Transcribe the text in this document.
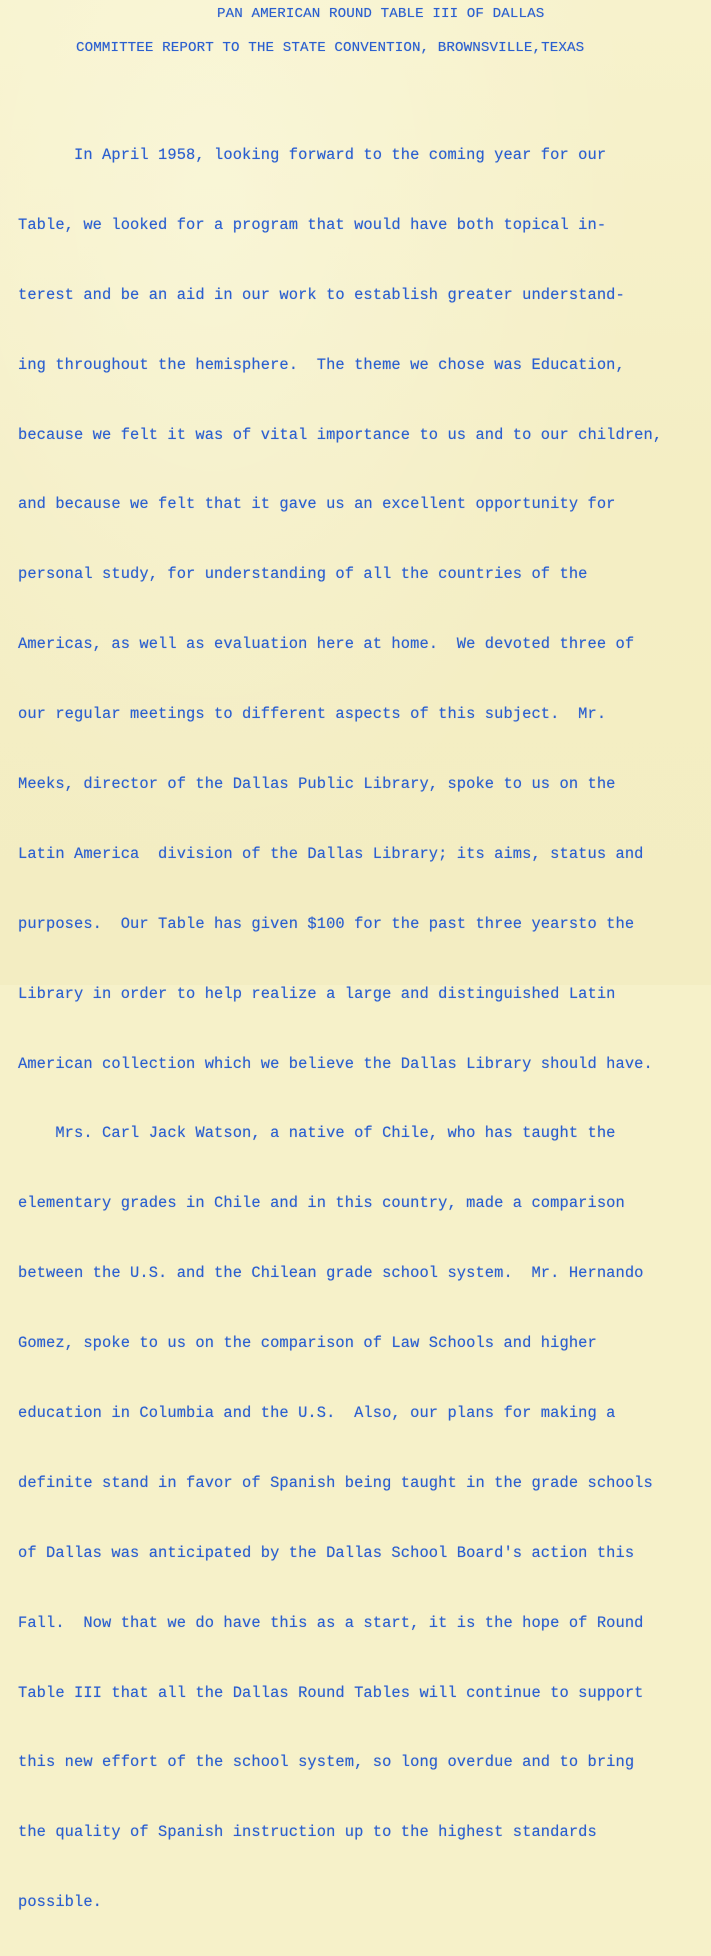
PAN AMERICAN ROUND TABLE III OF DALLAS
COMMITTEE REPORT TO THE STATE CONVENTION, BROWNSVILLE,TEXAS

In April 1958, looking forward to the coming year for our

Table, we looked for a program that would have both topical in-

terest and be an aid in our work to establish greater understand-

ing throughout the hemisphere.  The theme we chose was Education,

because we felt it was of vital importance to us and to our children,

and because we felt that it gave us an excellent opportunity for

personal study, for understanding of all the countries of the

Americas, as well as evaluation here at home.  We devoted three of

our regular meetings to different aspects of this subject.  Mr.

Meeks, director of the Dallas Public Library, spoke to us on the

Latin America  division of the Dallas Library; its aims, status and

purposes.  Our Table has given $100 for the past three yearsto the

Library in order to help realize a large and distinguished Latin

American collection which we believe the Dallas Library should have.

Mrs. Carl Jack Watson, a native of Chile, who has taught the

elementary grades in Chile and in this country, made a comparison

between the U.S. and the Chilean grade school system.  Mr. Hernando

Gomez, spoke to us on the comparison of Law Schools and higher

education in Columbia and the U.S.  Also, our plans for making a

definite stand in favor of Spanish being taught in the grade schools

of Dallas was anticipated by the Dallas School Board's action this

Fall.  Now that we do have this as a start, it is the hope of Round

Table III that all the Dallas Round Tables will continue to support

this new effort of the school system, so long overdue and to bring

the quality of Spanish instruction up to the highest standards

possible.
